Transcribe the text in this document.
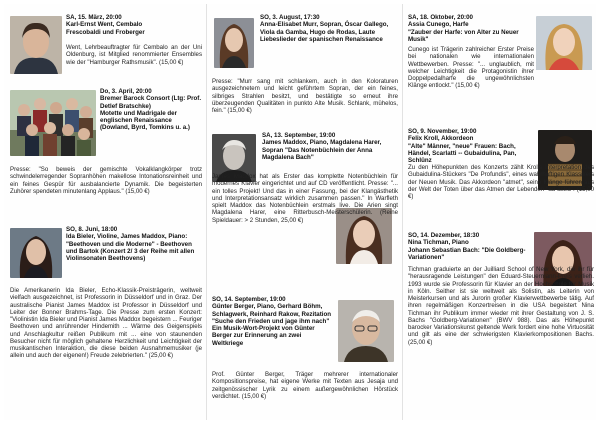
SA, 15. März, 20:00
Karl-Ernst Went, Cembalo
Frescobaldi und Froberger
Went, Lehrbeauftragter für Cembalo an der Uni Oldenburg, ist Mitglied renommierter Ensembles wie der "Hamburger Rathsmusik". (15,00 €)
Do, 3. April, 20:00
Bremer Barock Consort (Ltg: Prof. Detlef Bratschke)
Motette und Madrigale der englischen Renaissance
(Dowland, Byrd, Tomkins u. a.)
Presse: "So beweis der gemischte Vokalklangkörper trotz schwindelerregender Sopranhöhen makellose Intonationsreinheit und ein feines Gespür für ausbalancierte Dynamik. Die begeisterten Zuhörer spendeten minutenlang Applaus." (15,00 €)
SO, 8. Juni, 18:00
Ida Bieler, Violine, James Maddox, Piano: "Beethoven und die Moderne" - Beethoven und Bartok (Konzert 2/ 3 der Reihe mit allen Violinsonaten Beethovens)
Die Amerikanerin Ida Bieler, Echo-Klassik-Preisträgerin, weltweit vielfach ausgezeichnet, ist Professorin in Düsseldorf und in Graz. Der australische Pianist James Maddox ist Professor in Düsseldorf und Leiter der Bonner Brahms-Tage. Die Presse zum ersten Konzert: "Violinistin Ida Bieler und Pianist James Maddox begeistern ... Feuriger Beethoven und anrührender Hindemith ... Wärme des Geigenspiels und Anschlagkultur reißen Publikum mit ... eine von staunenden Besucher nicht für möglich gehaltene Herzlichkeit und Leichtigkeit der musikantischen Interaktion, die diese beiden Ausnahmemusiker (je allein und auch der eigenen!) Freude zelebrierten." (25,00 €)
SO, 3. August, 17:30
Anna-Elisabet Murr, Sopran, Óscar Gallego, Viola da Gamba, Hugo de Rodas, Laute
Liebeslieder der spanischen Renaissance
Presse: "Murr sang mit schlankem, auch in den Koloraturen ausgezeichnetem und leicht geführtem Sopran, der ein feines, silbriges Strahlen besitzt, und bestätigte so erneut ihre überzeugenden Qualitäten in punkto Alte Musik. Schlank, mühelos, fein." (15,00 €)
SA, 13. September, 19:00
James Maddox, Piano, Magdalena Harer, Sopran "Das Notenbüchlein der Anna Magdalena Bach"
James Maddox hat als Erster das komplette Notenbüchlein für modernes Klavier eingerichtet und auf CD veröffentlicht. Presse: "... ein tolles Projekt! Und das in einer Fassung, bei der Klangästhetik und Interpretationsansatz wirklich zusammen passen." In Warfleth spielt Maddox das Notenbüchlein erstmals live. Die Arien singt Magdalena Harer, eine Ritterbusch-Meisterschülerin. (Reine Spieldauer: > 2 Stunden, 25,00 €)
SO, 14. September, 19:00
Günter Berger, Piano, Gerhard Böhm, Schlagwerk, Reinhard Rakow, Rezitation "Suche den Frieden und jage ihm nach" Ein Musik-Wort-Projekt von Günter Berger zur Erinnerung an zwei Weltkriege
Prof. Günter Berger, Träger mehrerer internationaler Kompositionspreise, hat eigene Werke mit Texten aus Jesaja und zeitgenössischer Lyrik zu einem außergewöhnlichen Hörstück verdichtet. (15,00 €)
SA, 18. Oktober, 20:00
Assia Cunego, Harfe
"Zauber der Harfe: von Alter zu Neuer Musik"
Cunego ist Trägerin zahlreicher Erster Preise bei nationalen wie internationalen Wettbewerben. Presse: "... unglaublich, mit welcher Leichtigkeit die Protagonistin ihrer Doppelpedalharfe die ungewöhnlichsten Klänge entlockt." (15,00 €)
SO, 9. November, 19:00
Felix Kroll, Akkordeon
"Alte" Männer, "neue" Frauen: Bach, Händel, Scarlatti -- Gubaidulina, Pan, Schlünz
Zu den Höhepunkten des Konzerts zählt Krolls Interpretation des Gubaidulina-Stückers "De Profundis", eines wahrhaftigen Klassikers der Neuen Musik. Das Akkordeon "atmet", seine Klänge führen aus der Welt der Toten über das Atmen der Lebenden "ad astra". (15,00 €)
SO, 14. Dezember, 18:30
Nina Tichman, Piano
Johann Sebastian Bach: "Die Goldberg-Variationen"
Tichman graduierte an der Juilliard School of New York, die ihr für "herausragende Leistungen" den Eduard-Steuermann-Preis verlieh. 1993 wurde sie Professorin für Klavier an der Hochschule für Musik in Köln. Seither ist sie weltweit als Solistin, als Leiterin von Meisterkursen und als Jurorin großer Klavierwettbewerbe tätig. Auf ihren regelmäßigen Konzertreisen in die USA begeistert Nina Tichman ihr Publikum immer wieder mit ihrer Gestaltung von J. S. Bachs "Goldberg-Variationen" (BWV 988). Das als Höhepunkt barocker Variationskunst geltende Werk fordert eine hohe Virtuosität und gilt als eine der schwierigsten Klavierkompositionen Bachs. (25,00 €)
